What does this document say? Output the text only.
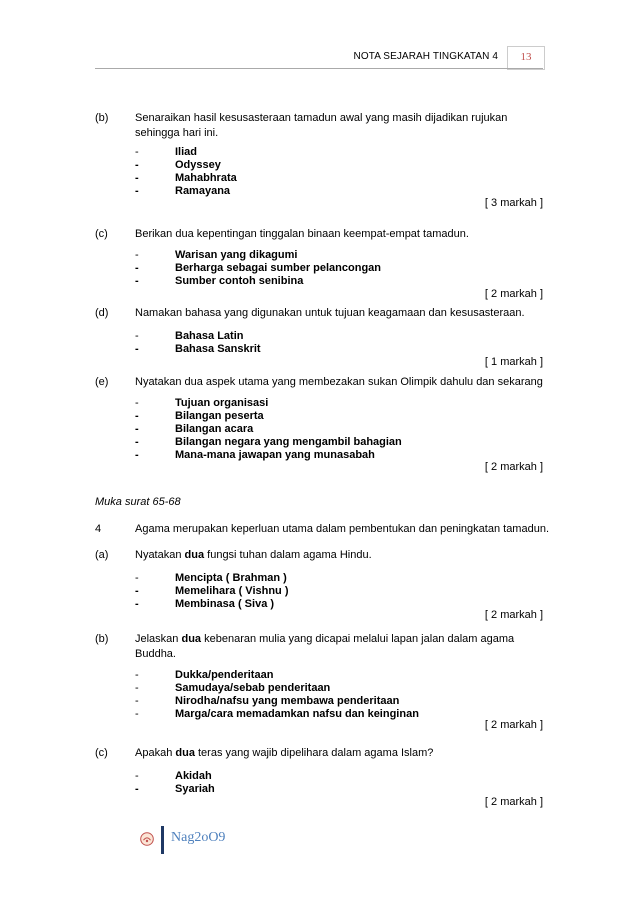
NOTA SEJARAH TINGKATAN 4	13
(b) Senaraikan hasil kesusasteraan tamadun awal yang masih dijadikan rujukan
sehingga hari ini.
-	Iliad
-	Odyssey
-	Mahabhrata
-	Ramayana
[ 3 markah ]
(c) Berikan dua kepentingan tinggalan binaan keempat-empat tamadun.
-	Warisan yang dikagumi
-	Berharga sebagai sumber pelancongan
-	Sumber contoh senibina
[ 2 markah ]
(d) Namakan bahasa yang digunakan untuk tujuan keagamaan dan kesusasteraan.
-	Bahasa Latin
-	Bahasa Sanskrit
[ 1 markah ]
(e) Nyatakan dua aspek utama yang membezakan sukan Olimpik dahulu dan sekarang
-	Tujuan organisasi
-	Bilangan peserta
-	Bilangan acara
-	Bilangan negara yang mengambil bahagian
-	Mana-mana jawapan yang munasabah
[ 2 markah ]
Muka surat 65-68
4	Agama merupakan keperluan utama dalam pembentukan dan peningkatan tamadun.
(a) Nyatakan dua fungsi tuhan dalam agama Hindu.
-	Mencipta ( Brahman )
-	Memelihara ( Vishnu )
-	Membinasa ( Siva )
[ 2 markah ]
(b) Jelaskan dua kebenaran mulia yang dicapai melalui lapan jalan dalam agama
Buddha.
-	Dukka/penderitaan
-	Samudaya/sebab penderitaan
-	Nirodha/nafsu yang membawa penderitaan
-	Marga/cara memadamkan nafsu dan keinginan
[ 2 markah ]
(c) Apakah dua teras yang wajib dipelihara dalam agama Islam?
-	Akidah
-	Syariah
[ 2 markah ]
Nag2oO9
